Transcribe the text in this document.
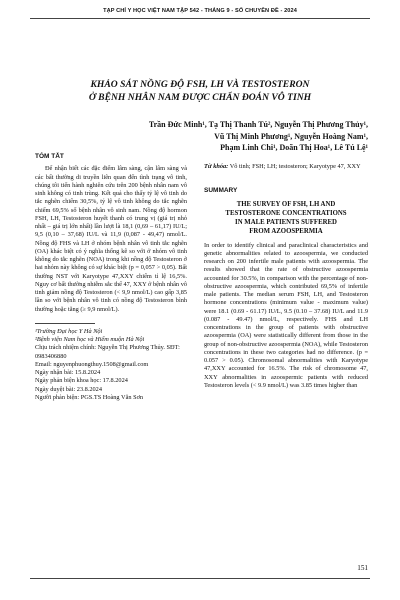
TẠP CHÍ Y HỌC VIỆT NAM TẬP 542 - THÁNG 9 - SỐ CHUYÊN ĐỀ - 2024
KHẢO SÁT NỒNG ĐỘ FSH, LH VÀ TESTOSTERON
Ở BỆNH NHÂN NAM ĐƯỢC CHẨN ĐOÁN VÔ TINH
Trần Đức Minh¹, Tạ Thị Thanh Tú², Nguyễn Thị Phương Thủy¹,
Vũ Thị Minh Phương¹, Nguyễn Hoàng Nam¹,
Phạm Linh Chi¹, Doãn Thị Hoa¹, Lê Tú Lệ¹
TÓM TẮT

Để nhận biết các đặc điểm lâm sàng, cận lâm sàng và các bất thường di truyền liên quan đến tình trạng vô tinh, chúng tôi tiến hành nghiên cứu trên 200 bệnh nhân nam vô sinh không có tinh trùng. Kết quả cho thấy tỷ lệ vô tinh do tắc nghẽn chiếm 30,5%, tỷ lệ vô tinh không do tắc nghẽn chiếm 69,5% số bệnh nhân vô sinh nam. Nồng độ hormon FSH, LH, Testosteron huyết thanh có trung vị (giá trị nhỏ nhất – giá trị lớn nhất) lần lượt là 18,1 (0,69 – 61,17) IU/L; 9,5 (0,10 – 37,68) IU/L và 11,9 (0,087 - 49,47) nmol/L. Nồng độ FHS và LH ở nhóm bệnh nhân vô tinh tắc nghẽn (OA) khác biệt có ý nghĩa thống kê so với ở nhóm vô tinh không do tắc nghẽn (NOA) trong khi nồng độ Testosteron ở hai nhóm này không có sự khác biệt (p = 0,057 > 0,05). Bất thường NST với Karyotype 47,XXY chiếm tỉ lệ 16,5%. Nguy cơ bất thường nhiễm sắc thể 47, XXY ở bệnh nhân vô tinh giảm nồng độ Testosteron (< 9,9 nmol/L) cao gấp 3,85 lần so với bệnh nhân vô tinh có nồng độ Testosteron bình thường hoặc tăng (≥ 9,9 nmol/L).

¹Trường Đại học Y Hà Nội

²Bệnh viện Nam học và Hiếm muộn Hà Nội

Chịu trách nhiệm chính: Nguyễn Thị Phương Thủy. SĐT: 0983406880

Email: nguyenphuongthuy.1508@gmail.com

Ngày nhận bài: 15.8.2024

Ngày phản biện khoa học: 17.8.2024

Ngày duyệt bài: 23.8.2024

Người phản biện: PGS.TS Hoàng Văn Sơn

Từ khóa: Vô tinh; FSH; LH; testosteron; Karyotype 47, XXY
SUMMARY
THE SURVEY OF FSH, LH AND
TESTOSTERONE CONCENTRATIONS
IN MALE PATIENTS SUFFERED
FROM AZOOSPERMIA

In order to identify clinical and paraclinical characteristics and genetic abnormalities related to azoospermia, we conducted research on 200 infertile male patients with azoospermia. The results showed that the rate of obstructive azoospermia accounted for 30.5%, in comparison with the percentage of non-obstructive azoospermia, which contributed 69,5% of infertile male patients. The median serum FSH, LH, and Testosteron hormone concentrations (minimum value - maximum value) were 18.1 (0.69 - 61.17) IU/L, 9.5 (0.10 – 37.68) IU/L and 11.9 (0.087 - 49.47) nmol/L, respectively. FHS and LH concentrations in the group of patients with obstructive azoospermia (OA) were statistically different from those in the group of non-obstructive azoospermia (NOA), while Testosteron concentrations in these two categories had no difference. (p = 0.057 > 0.05). Chromosomal abnormalities with Karyotype 47,XXY accounted for 16.5%. The risk of chromosome 47, XXY abnormalities in azoospermic patients with reduced Testosteron levels (< 9.9 nmol/L) was 3.85 times higher than

151
